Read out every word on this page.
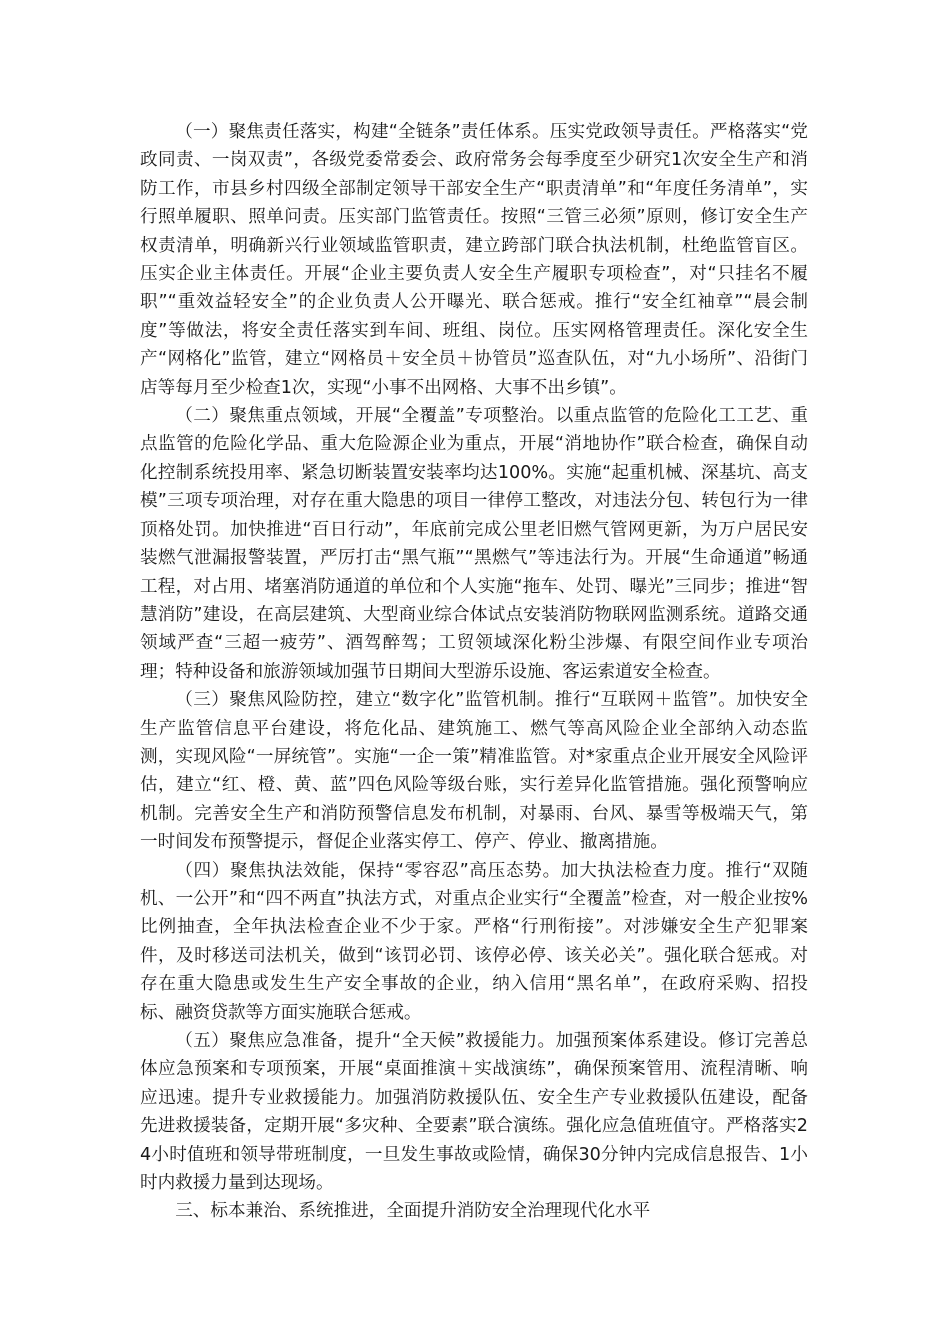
（一）聚焦责任落实，构建“全链条”责任体系。压实党政领导责任。严格落实“党政同责、一岗双责”，各级党委常委会、政府常务会每季度至少研究1次安全生产和消防工作，市县乡村四级全部制定领导干部安全生产“职责清单”和“年度任务清单”，实行照单履职、照单问责。压实部门监管责任。按照“三管三必须”原则，修订安全生产权责清单，明确新兴行业领域监管职责，建立跨部门联合执法机制，杜绝监管盲区。压实企业主体责任。开展“企业主要负责人安全生产履职专项检查”，对“只挂名不履职”“重效益轻安全”的企业负责人公开曝光、联合惩戒。推行“安全红袖章”“晨会制度”等做法，将安全责任落实到车间、班组、岗位。压实网格管理责任。深化安全生产“网格化”监管，建立“网格员＋安全员＋协管员”巡查队伍，对“九小场所”、沿街门店等每月至少检查1次，实现“小事不出网格、大事不出乡镇”。

（二）聚焦重点领域，开展“全覆盖”专项整治。以重点监管的危险化工工艺、重点监管的危险化学品、重大危险源企业为重点，开展“消地协作”联合检查，确保自动化控制系统投用率、紧急切断装置安装率均达100%。实施“起重机械、深基坑、高支模”三项专项治理，对存在重大隐患的项目一律停工整改，对违法分包、转包行为一律顶格处罚。加快推进“百日行动”，年底前完成公里老旧燃气管网更新，为万户居民安装燃气泄漏报警装置，严厉打击“黑气瓶”“黑燃气”等违法行为。开展“生命通道”畅通工程，对占用、堵塞消防通道的单位和个人实施“拖车、处罚、曝光”三同步；推进“智慧消防”建设，在高层建筑、大型商业综合体试点安装消防物联网监测系统。道路交通领域严查“三超一疲劳”、酒驾醉驾；工贸领域深化粉尘涉爆、有限空间作业专项治理；特种设备和旅游领域加强节日期间大型游乐设施、客运索道安全检查。

（三）聚焦风险防控，建立“数字化”监管机制。推行“互联网＋监管”。加快安全生产监管信息平台建设，将危化品、建筑施工、燃气等高风险企业全部纳入动态监测，实现风险“一屏统管”。实施“一企一策”精准监管。对*家重点企业开展安全风险评估，建立“红、橙、黄、蓝”四色风险等级台账，实行差异化监管措施。强化预警响应机制。完善安全生产和消防预警信息发布机制，对暴雨、台风、暴雪等极端天气，第一时间发布预警提示，督促企业落实停工、停产、停业、撤离措施。

（四）聚焦执法效能，保持“零容忍”高压态势。加大执法检查力度。推行“双随机、一公开”和“四不两直”执法方式，对重点企业实行“全覆盖”检查，对一般企业按%比例抽查，全年执法检查企业不少于家。严格“行刑衔接”。对涉嫌安全生产犯罪案件，及时移送司法机关，做到“该罚必罚、该停必停、该关必关”。强化联合惩戒。对存在重大隐患或发生生产安全事故的企业，纳入信用“黑名单”，在政府采购、招投标、融资贷款等方面实施联合惩戒。

（五）聚焦应急准备，提升“全天候”救援能力。加强预案体系建设。修订完善总体应急预案和专项预案，开展“桌面推演＋实战演练”，确保预案管用、流程清晰、响应迅速。提升专业救援能力。加强消防救援队伍、安全生产专业救援队伍建设，配备先进救援装备，定期开展“多灾种、全要素”联合演练。强化应急值班值守。严格落实24小时值班和领导带班制度，一旦发生事故或险情，确保30分钟内完成信息报告、1小时内救援力量到达现场。

三、标本兼治、系统推进，全面提升消防安全治理现代化水平
